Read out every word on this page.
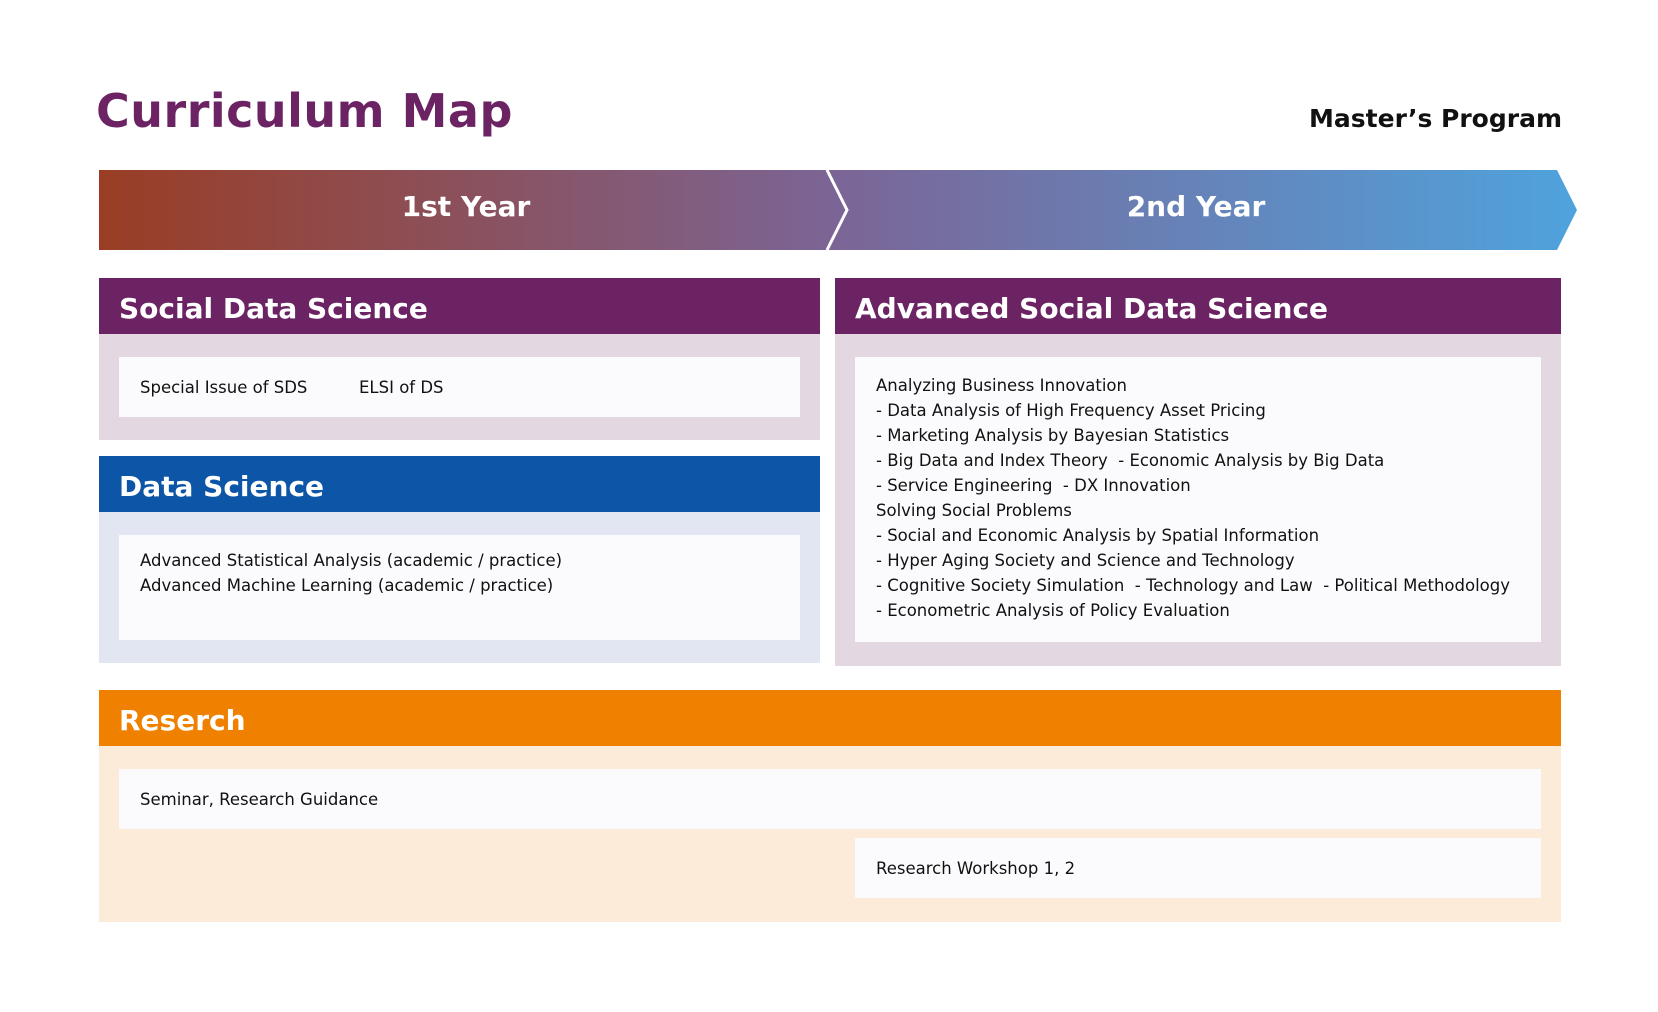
Curriculum Map	Master’s Program
1st Year	2nd Year
Social Data Science
Special Issue of SDS	ELSI of DS
Data Science
Advanced Statistical Analysis (academic / practice)
Advanced Machine Learning (academic / practice)
Advanced Social Data Science
Analyzing Business Innovation
- Data Analysis of High Frequency Asset Pricing
- Marketing Analysis by Bayesian Statistics
- Big Data and Index Theory  - Economic Analysis by Big Data
- Service Engineering  - DX Innovation
Solving Social Problems
- Social and Economic Analysis by Spatial Information
- Hyper Aging Society and Science and Technology
- Cognitive Society Simulation  - Technology and Law  - Political Methodology
- Econometric Analysis of Policy Evaluation
Reserch
Seminar, Research Guidance
Research Workshop 1, 2
